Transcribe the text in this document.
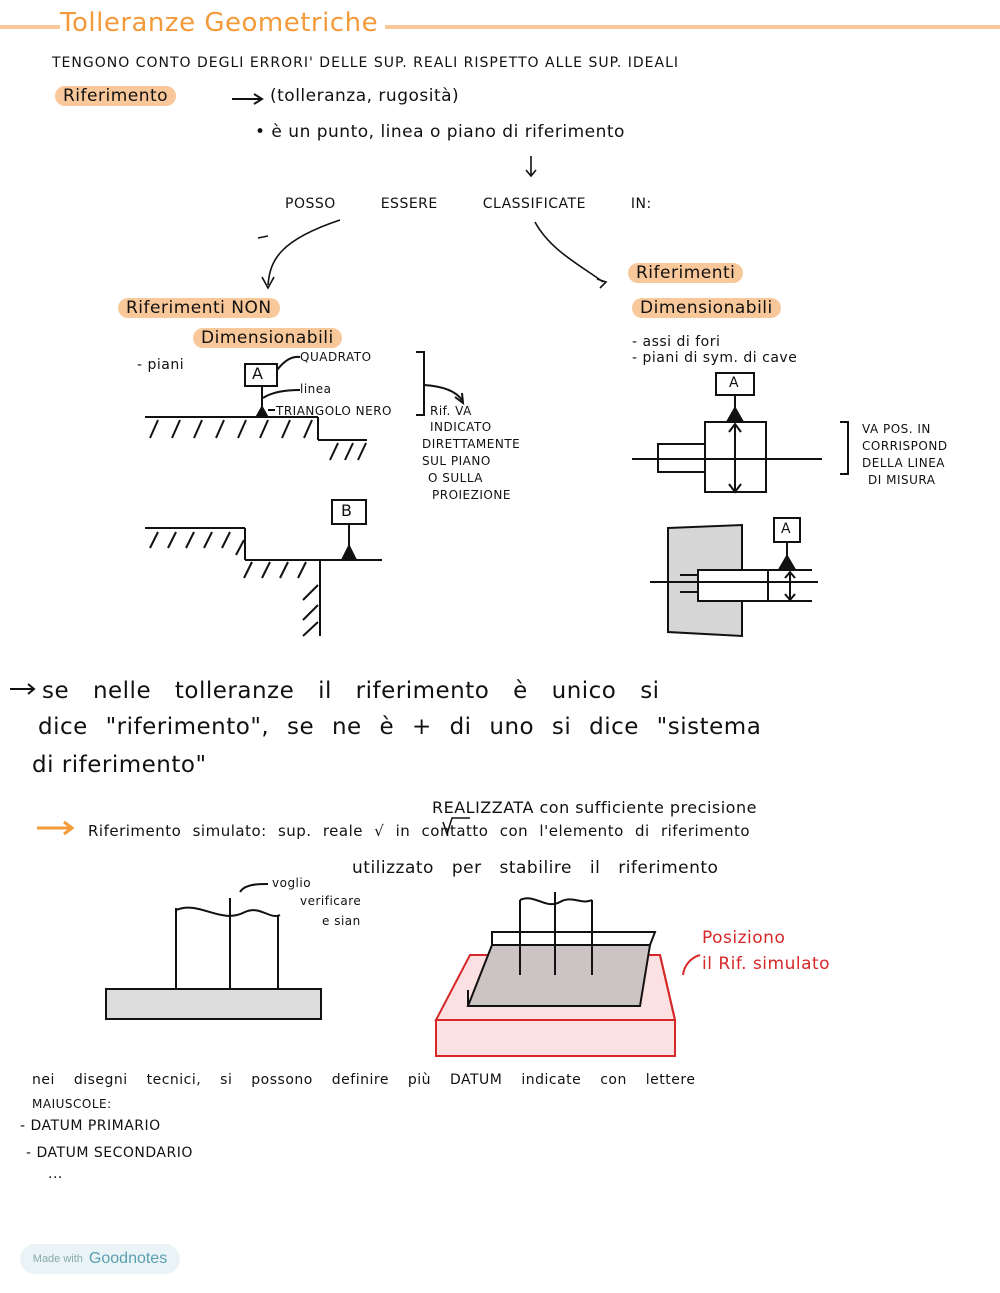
Tolleranze Geometriche
TENGONO CONTO DEGLI ERRORI' DELLE SUP. REALI RISPETTO ALLE SUP. IDEALI
Riferimento	(tolleranza, rugosità)
• è un punto, linea o piano di riferimento
POSSO ESSERE CLASSIFICATE IN:
Riferimenti NON
Dimensionabili
- piani	A
QUADRATO
linea
TRIANGOLO NERO	Rif. VA
INDICATO
DIRETTAMENTE
SUL PIANO
O SULLA
PROIEZIONE
B
Riferimenti
Dimensionabili
- assi di fori
- piani di sym. di cave
A
A
VA POS. IN
CORRISPOND
DELLA LINEA
DI MISURA
se nelle tolleranze il riferimento è unico si
dice "riferimento", se ne è + di uno si dice "sistema
di riferimento"
REALIZZATA con sufficiente precisione
Riferimento simulato: sup. reale √ in contatto con l'elemento di riferimento
utilizzato per stabilire il riferimento
voglio
verificare
e sian
Posiziono
il Rif. simulato
nei disegni tecnici, si possono definire più DATUM indicate con lettere
MAIUSCOLE:
- DATUM PRIMARIO
- DATUM SECONDARIO
...
Made with Goodnotes
